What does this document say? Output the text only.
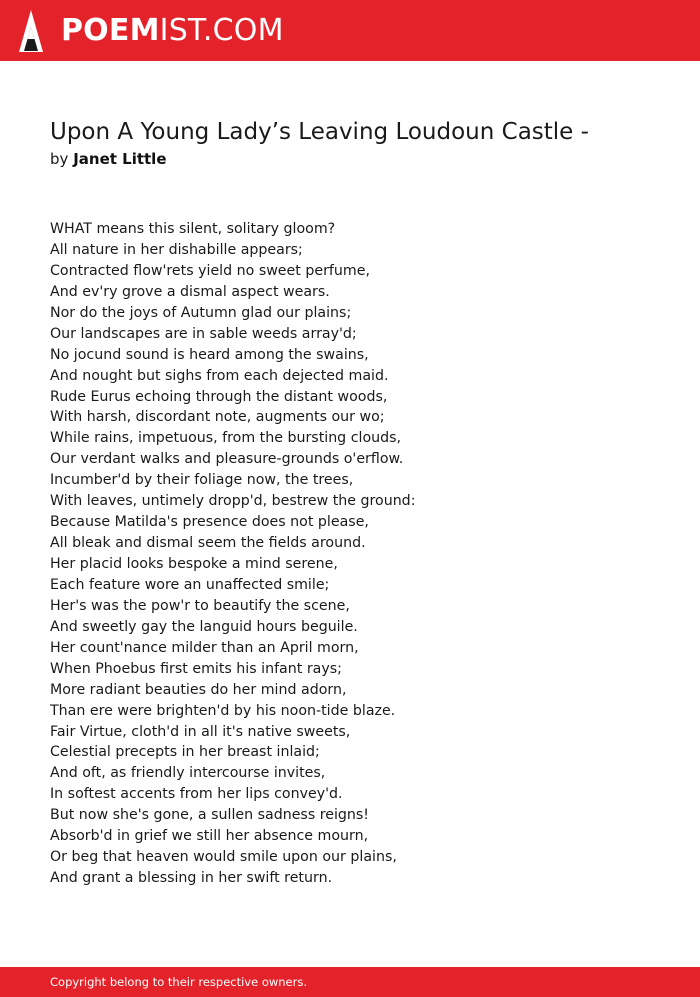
POEMIST.COM
Upon A Young Lady’s Leaving Loudoun Castle -
by Janet Little
WHAT means this silent, solitary gloom?
All nature in her dishabille appears;
Contracted flow'rets yield no sweet perfume,
And ev'ry grove a dismal aspect wears.
Nor do the joys of Autumn glad our plains;
Our landscapes are in sable weeds array'd;
No jocund sound is heard among the swains,
And nought but sighs from each dejected maid.
Rude Eurus echoing through the distant woods,
With harsh, discordant note, augments our wo;
While rains, impetuous, from the bursting clouds,
Our verdant walks and pleasure-grounds o'erflow.
Incumber'd by their foliage now, the trees,
With leaves, untimely dropp'd, bestrew the ground:
Because Matilda's presence does not please,
All bleak and dismal seem the fields around.
Her placid looks bespoke a mind serene,
Each feature wore an unaffected smile;
Her's was the pow'r to beautify the scene,
And sweetly gay the languid hours beguile.
Her count'nance milder than an April morn,
When Phoebus first emits his infant rays;
More radiant beauties do her mind adorn,
Than ere were brighten'd by his noon-tide blaze.
Fair Virtue, cloth'd in all it's native sweets,
Celestial precepts in her breast inlaid;
And oft, as friendly intercourse invites,
In softest accents from her lips convey'd.
But now she's gone, a sullen sadness reigns!
Absorb'd in grief we still her absence mourn,
Or beg that heaven would smile upon our plains,
And grant a blessing in her swift return.
Copyright belong to their respective owners.
